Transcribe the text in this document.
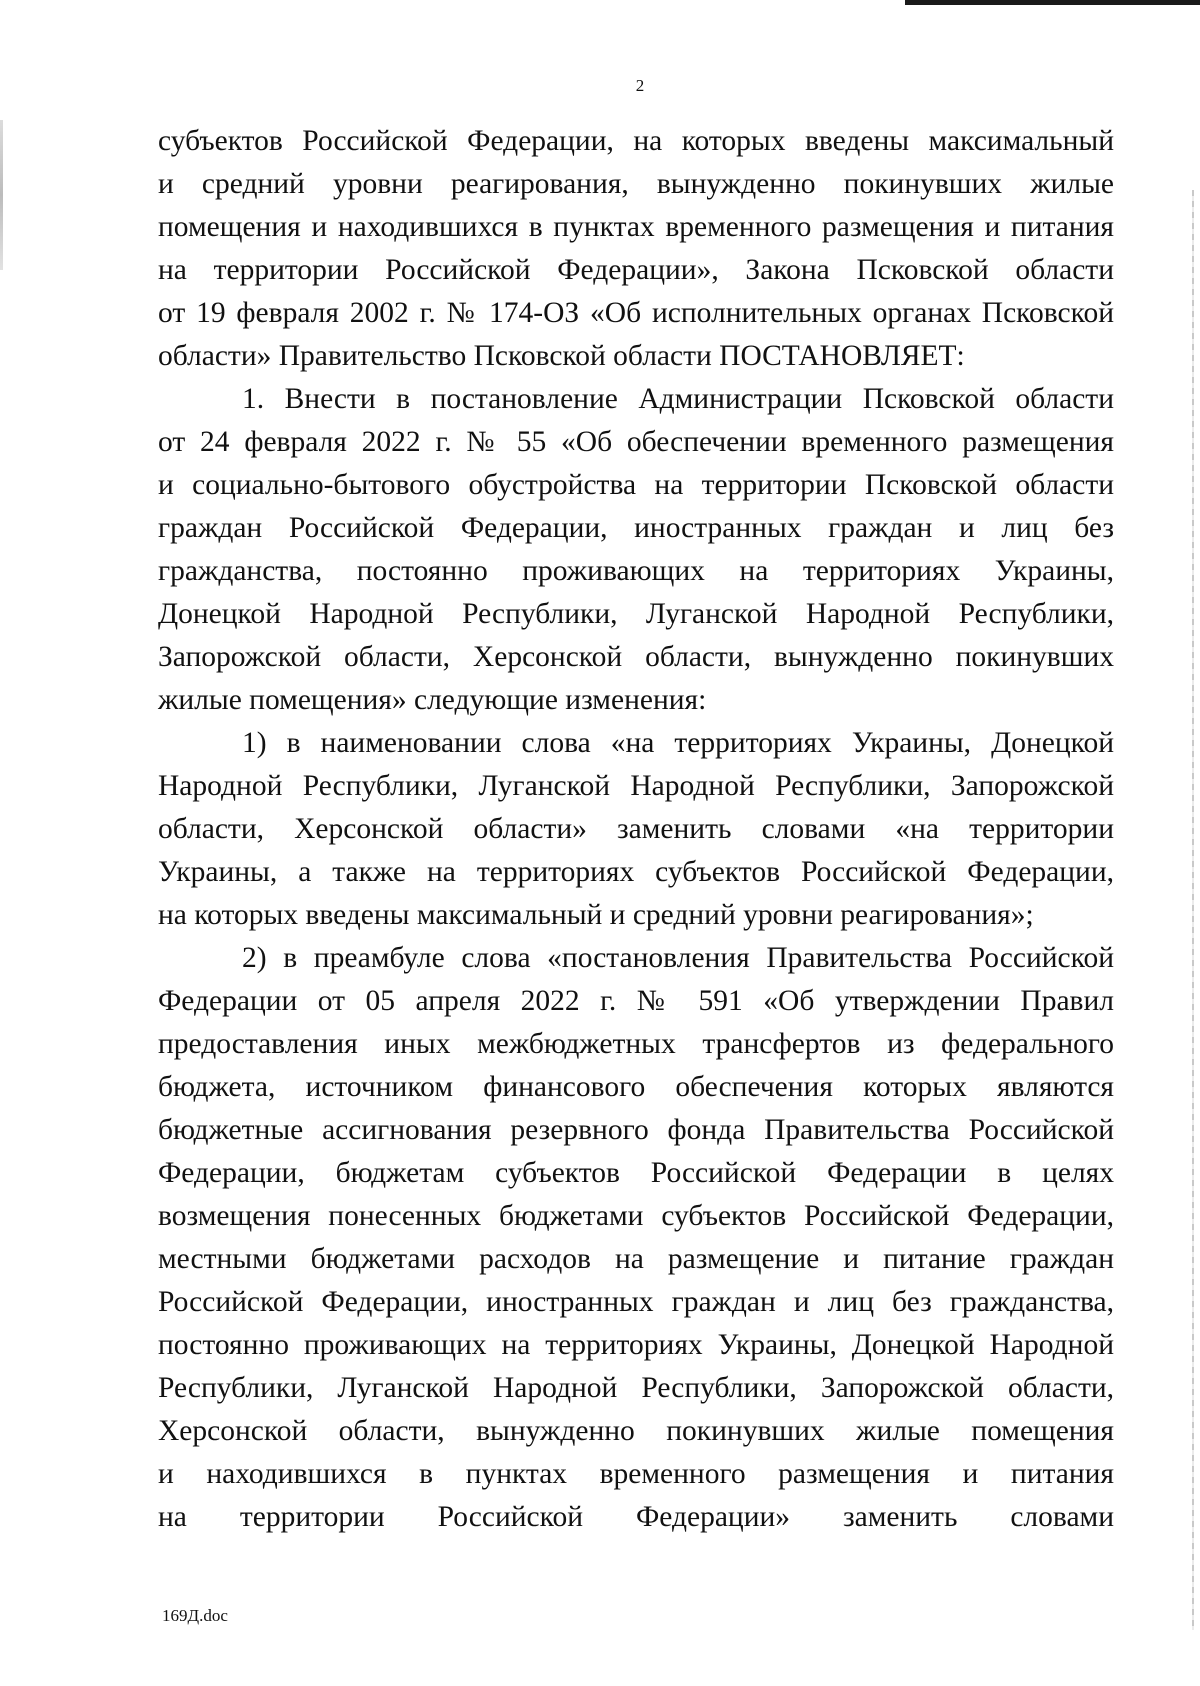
2
субъектов Российской Федерации, на которых введены максимальный
и средний уровни реагирования, вынужденно покинувших жилые
помещения и находившихся в пунктах временного размещения и питания
на территории Российской Федерации», Закона Псковской области
от 19 февраля 2002 г. № 174-ОЗ «Об исполнительных органах Псковской
области» Правительство Псковской области ПОСТАНОВЛЯЕТ:
1. Внести в постановление Администрации Псковской области
от 24 февраля 2022 г. № 55 «Об обеспечении временного размещения
и социально-бытового обустройства на территории Псковской области
граждан Российской Федерации, иностранных граждан и лиц без
гражданства, постоянно проживающих на территориях Украины,
Донецкой Народной Республики, Луганской Народной Республики,
Запорожской области, Херсонской области, вынужденно покинувших
жилые помещения» следующие изменения:
1) в наименовании слова «на территориях Украины, Донецкой
Народной Республики, Луганской Народной Республики, Запорожской
области, Херсонской области» заменить словами «на территории
Украины, а также на территориях субъектов Российской Федерации,
на которых введены максимальный и средний уровни реагирования»;
2) в преамбуле слова «постановления Правительства Российской
Федерации от 05 апреля 2022 г. № 591 «Об утверждении Правил
предоставления иных межбюджетных трансфертов из федерального
бюджета, источником финансового обеспечения которых являются
бюджетные ассигнования резервного фонда Правительства Российской
Федерации, бюджетам субъектов Российской Федерации в целях
возмещения понесенных бюджетами субъектов Российской Федерации,
местными бюджетами расходов на размещение и питание граждан
Российской Федерации, иностранных граждан и лиц без гражданства,
постоянно проживающих на территориях Украины, Донецкой Народной
Республики, Луганской Народной Республики, Запорожской области,
Херсонской области, вынужденно покинувших жилые помещения
и находившихся в пунктах временного размещения и питания
на территории Российской Федерации» заменить словами
169Д.doc
